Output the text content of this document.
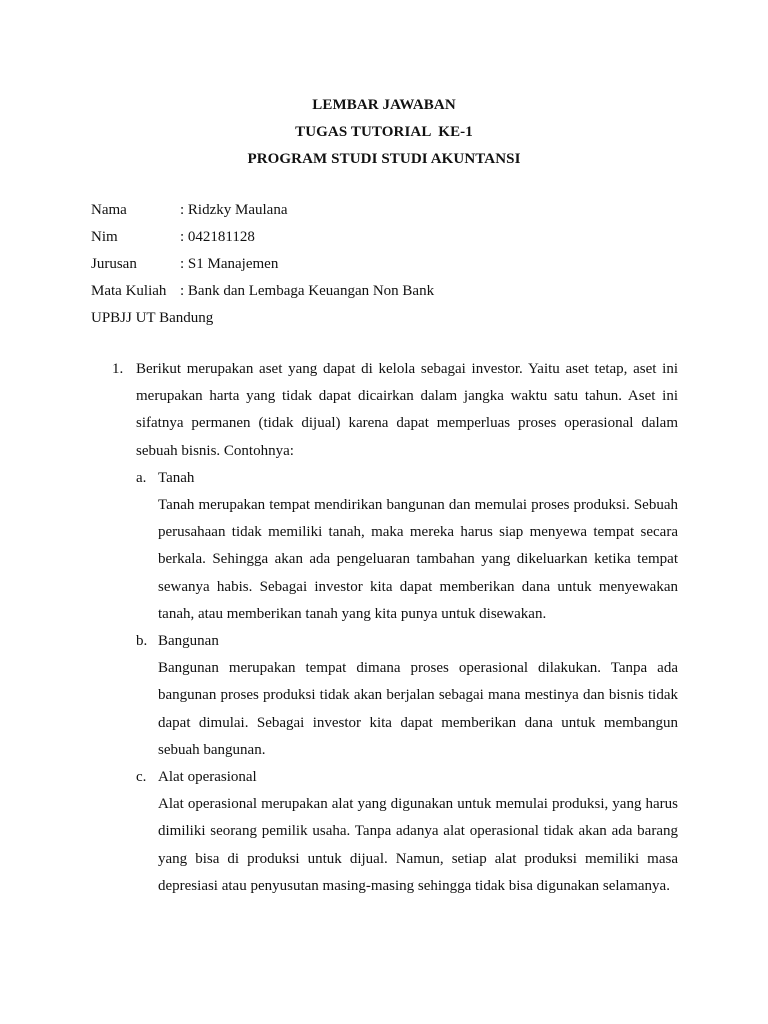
LEMBAR JAWABAN
TUGAS TUTORIAL  KE-1
PROGRAM STUDI STUDI AKUNTANSI
Nama	: Ridzky Maulana
Nim	: 042181128
Jurusan	: S1 Manajemen
Mata Kuliah : Bank dan Lembaga Keuangan Non Bank
UPBJJ UT Bandung
1. Berikut merupakan aset yang dapat di kelola sebagai investor. Yaitu aset tetap, aset ini merupakan harta yang tidak dapat dicairkan dalam jangka waktu satu tahun. Aset ini sifatnya permanen (tidak dijual) karena dapat memperluas proses operasional dalam sebuah bisnis. Contohnya:

a. Tanah

Tanah merupakan tempat mendirikan bangunan dan memulai proses produksi. Sebuah perusahaan tidak memiliki tanah, maka mereka harus siap menyewa tempat secara berkala. Sehingga akan ada pengeluaran tambahan yang dikeluarkan ketika tempat sewanya habis. Sebagai investor kita dapat memberikan dana untuk menyewakan tanah, atau memberikan tanah yang kita punya untuk disewakan.

b. Bangunan

Bangunan merupakan tempat dimana proses operasional dilakukan. Tanpa ada bangunan proses produksi tidak akan berjalan sebagai mana mestinya dan bisnis tidak dapat dimulai. Sebagai investor kita dapat memberikan dana untuk membangun sebuah bangunan.

c. Alat operasional

Alat operasional merupakan alat yang digunakan untuk memulai produksi, yang harus dimiliki seorang pemilik usaha. Tanpa adanya alat operasional tidak akan ada barang yang bisa di produksi untuk dijual. Namun, setiap alat produksi memiliki masa depresiasi atau penyusutan masing-masing sehingga tidak bisa digunakan selamanya.
